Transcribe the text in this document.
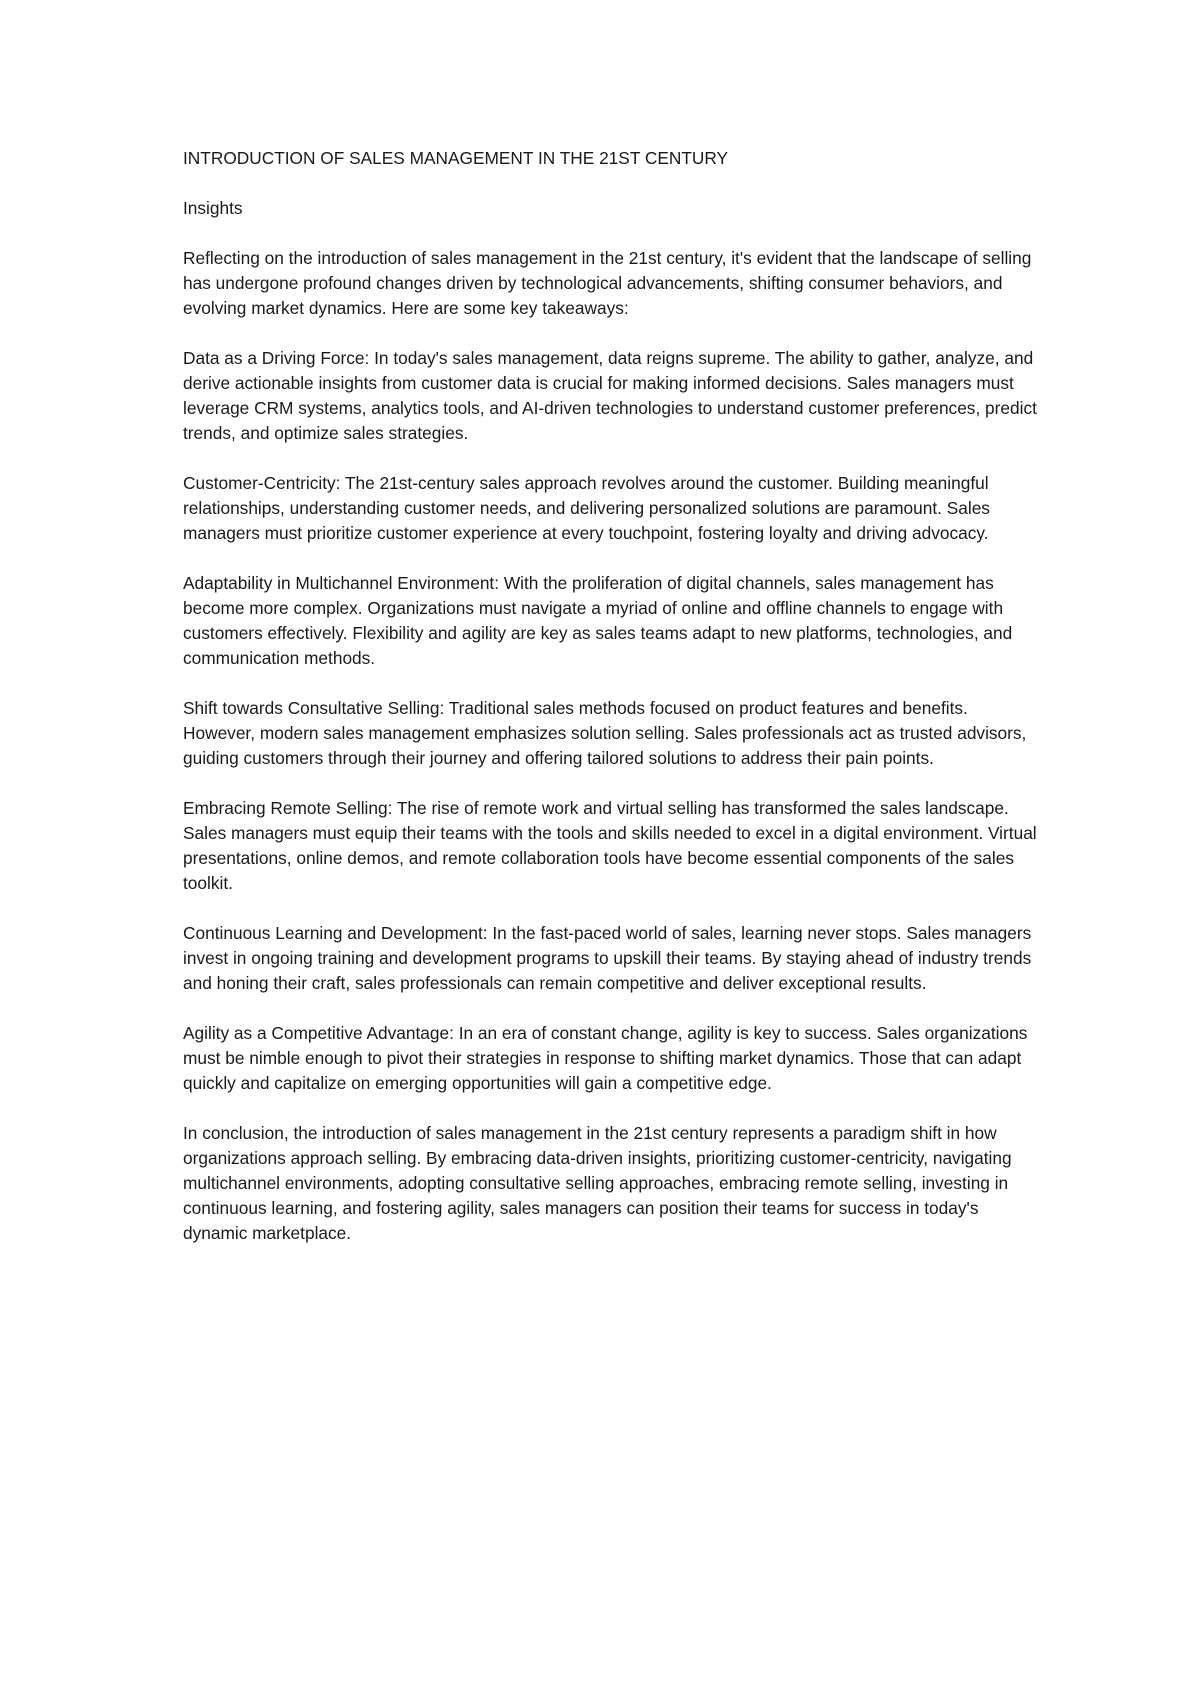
INTRODUCTION OF SALES MANAGEMENT IN THE 21ST CENTURY

Insights

Reflecting on the introduction of sales management in the 21st century, it's evident that the landscape of selling has undergone profound changes driven by technological advancements, shifting consumer behaviors, and evolving market dynamics. Here are some key takeaways:

Data as a Driving Force: In today's sales management, data reigns supreme. The ability to gather, analyze, and derive actionable insights from customer data is crucial for making informed decisions. Sales managers must leverage CRM systems, analytics tools, and AI-driven technologies to understand customer preferences, predict trends, and optimize sales strategies.

Customer-Centricity: The 21st-century sales approach revolves around the customer. Building meaningful relationships, understanding customer needs, and delivering personalized solutions are paramount. Sales managers must prioritize customer experience at every touchpoint, fostering loyalty and driving advocacy.

Adaptability in Multichannel Environment: With the proliferation of digital channels, sales management has become more complex. Organizations must navigate a myriad of online and offline channels to engage with customers effectively. Flexibility and agility are key as sales teams adapt to new platforms, technologies, and communication methods.

Shift towards Consultative Selling: Traditional sales methods focused on product features and benefits. However, modern sales management emphasizes solution selling. Sales professionals act as trusted advisors, guiding customers through their journey and offering tailored solutions to address their pain points.

Embracing Remote Selling: The rise of remote work and virtual selling has transformed the sales landscape. Sales managers must equip their teams with the tools and skills needed to excel in a digital environment. Virtual presentations, online demos, and remote collaboration tools have become essential components of the sales toolkit.

Continuous Learning and Development: In the fast-paced world of sales, learning never stops. Sales managers invest in ongoing training and development programs to upskill their teams. By staying ahead of industry trends and honing their craft, sales professionals can remain competitive and deliver exceptional results.

Agility as a Competitive Advantage: In an era of constant change, agility is key to success. Sales organizations must be nimble enough to pivot their strategies in response to shifting market dynamics. Those that can adapt quickly and capitalize on emerging opportunities will gain a competitive edge.

In conclusion, the introduction of sales management in the 21st century represents a paradigm shift in how organizations approach selling. By embracing data-driven insights, prioritizing customer-centricity, navigating multichannel environments, adopting consultative selling approaches, embracing remote selling, investing in continuous learning, and fostering agility, sales managers can position their teams for success in today's dynamic marketplace.
